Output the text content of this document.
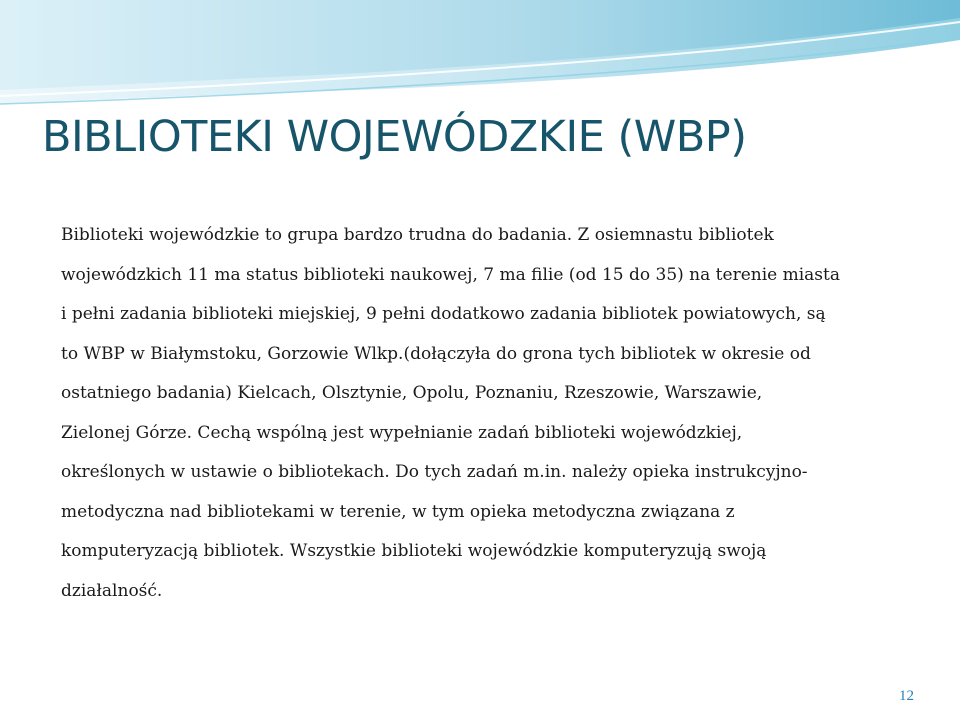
BIBLIOTEKI WOJEWÓDZKIE (WBP)
Biblioteki wojewódzkie to grupa bardzo trudna do badania. Z osiemnastu bibliotek
wojewódzkich 11 ma status biblioteki naukowej, 7 ma filie (od 15 do 35) na terenie miasta
i pełni zadania biblioteki miejskiej, 9 pełni dodatkowo zadania bibliotek powiatowych, są
to WBP w Białymstoku, Gorzowie Wlkp.(dołączyła do grona tych bibliotek w okresie od
ostatniego badania) Kielcach, Olsztynie, Opolu, Poznaniu, Rzeszowie, Warszawie,
Zielonej Górze. Cechą wspólną jest wypełnianie zadań biblioteki wojewódzkiej,
określonych w ustawie o bibliotekach. Do tych zadań m.in. należy opieka instrukcyjno-
metodyczna nad bibliotekami w terenie, w tym opieka metodyczna związana z
komputeryzacją bibliotek. Wszystkie biblioteki wojewódzkie komputeryzują swoją
działalność.
12
